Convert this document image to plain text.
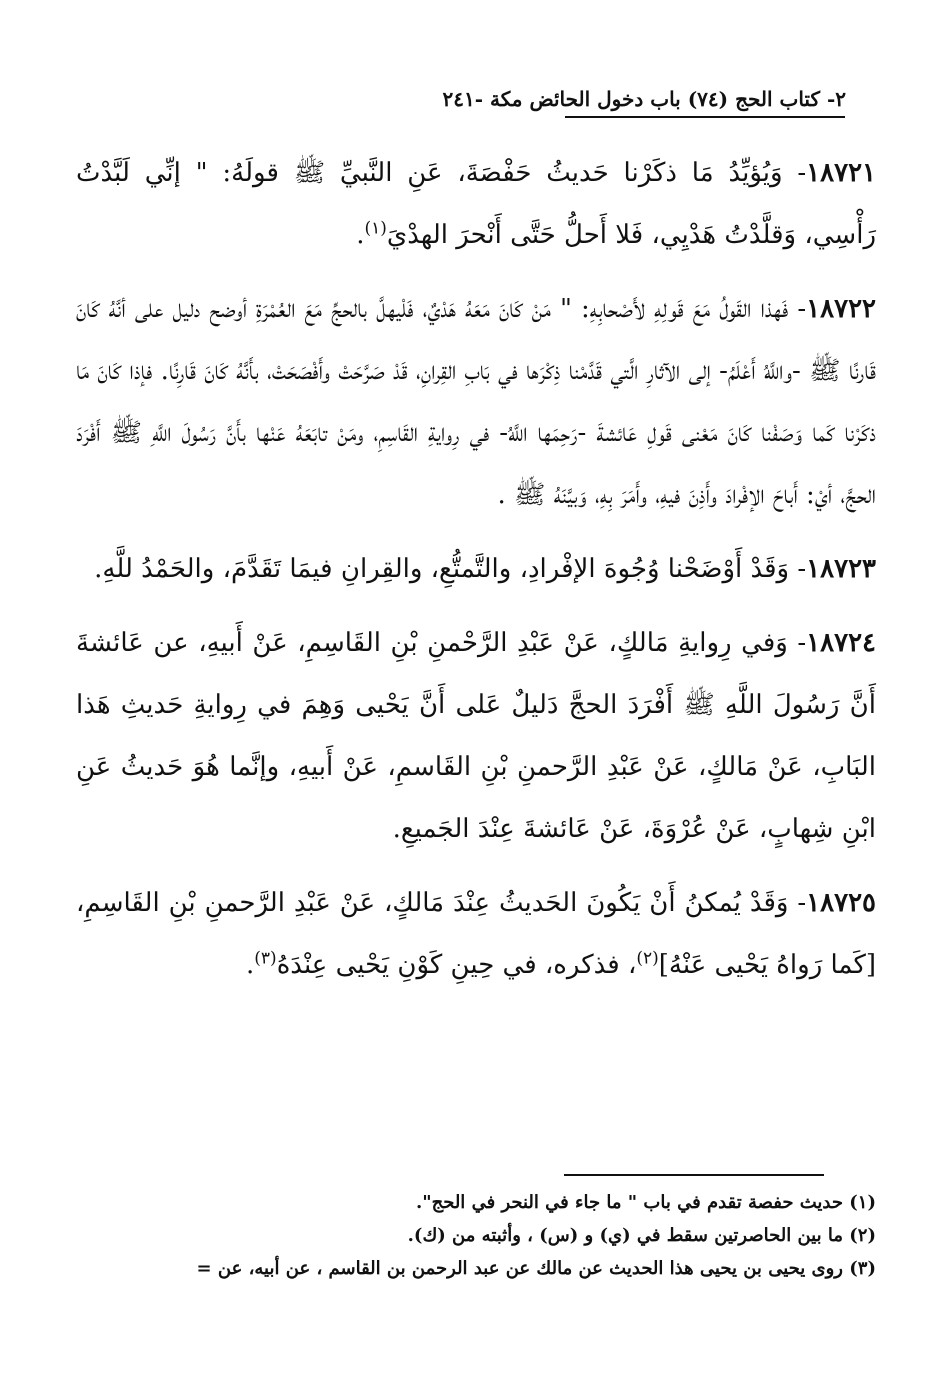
٢- كتاب الحج (٧٤) باب دخول الحائض مكة -٢٤١

١٨٧٢١- وَيُؤيِّدُ مَا ذكَرْنا حَديثُ حَفْصَةَ، عَنِ النَّبيِّ ﷺ قولَهُ: " إنِّي لَبَّدْتُ رَأْسِي، وَقلَّدْتُ هَدْيِي، فَلا أَحلُّ حَتَّى أَنْحرَ الهدْيَ$^{(١)}$.

١٨٧٢٢- فَهذا القَولُ مَعَ قَولِهِ لأَصْحابِهِ: " مَنْ كَانَ مَعَهُ هَدْيٌ، فَلْيهلَّ بالحجِّ مَعَ العُمْرَةِ أوضح دليل على أنَّهُ كَانَ قَارنًا ﷺ -واللَّهُ أَعْلَمُ- إلى الآثارِ الَّتي قَدَّمْنا ذِكْرَها في بَابِ القِرانِ، قَدْ صَرَّحَتْ وأَفْصَحَتْ، بأَنَّهُ كَانَ قَارِنًا. فإذا كَانَ مَا ذكَرْنا كَما وَصَفْنا كَانَ مَعْنى قَولِ عَائشةَ -رَحِمَها اللَّهُ- في رِوايةِ القَاسِمِ، ومَنْ تابَعَهُ عَنْها بأَنَّ رَسُولَ اللَّهِ ﷺ أَفْرَدَ الحجَّ، أيْ: أَباحَ الإفْرادَ وأَذِنَ فيهِ، وأَمَرَ بِهِ، وَبيَّنَهُ ﷺ .

١٨٧٢٣- وَقَدْ أَوْضَحْنا وُجُوهَ الإفْرادِ، والتَّمتُّعِ، والقِرانِ فيمَا تَقَدَّمَ، والحَمْدُ للَّهِ.

١٨٧٢٤- وَفي رِوايةِ مَالكٍ، عَنْ عَبْدِ الرَّحْمنِ بْنِ القَاسِمِ، عَنْ أَبيهِ، عن عَائشةَ أَنَّ رَسُولَ اللَّهِ ﷺ أَفْرَدَ الحجَّ دَليلٌ عَلى أَنَّ يَحْيى وَهِمَ في رِوايةِ حَديثِ هَذا البَابِ، عَنْ مَالكٍ، عَنْ عَبْدِ الرَّحمنِ بْنِ القَاسمِ، عَنْ أَبيهِ، وإنَّما هُوَ حَديثُ عَنِ ابْنِ شِهابٍ، عَنْ عُرْوَةَ، عَنْ عَائشةَ عِنْدَ الجَميعِ.

١٨٧٢٥- وَقَدْ يُمكنُ أَنْ يَكُونَ الحَديثُ عِنْدَ مَالكٍ، عَنْ عَبْدِ الرَّحمنِ بْنِ القَاسِمِ، [كَما رَواهُ يَحْيى عَنْهُ]$^{(٢)}$، فذكره، في حِينِ كَوْنِ يَحْيى عِنْدَهُ$^{(٣)}$.

(١) حديث حفصة تقدم في باب " ما جاء في النحر في الحج".

(٢) ما بين الحاصرتين سقط في (ي) و (س) ، وأثبته من (ك).

(٣) روى يحيى بن يحيى هذا الحديث عن مالك عن عبد الرحمن بن القاسم ، عن أبيه، عن =
